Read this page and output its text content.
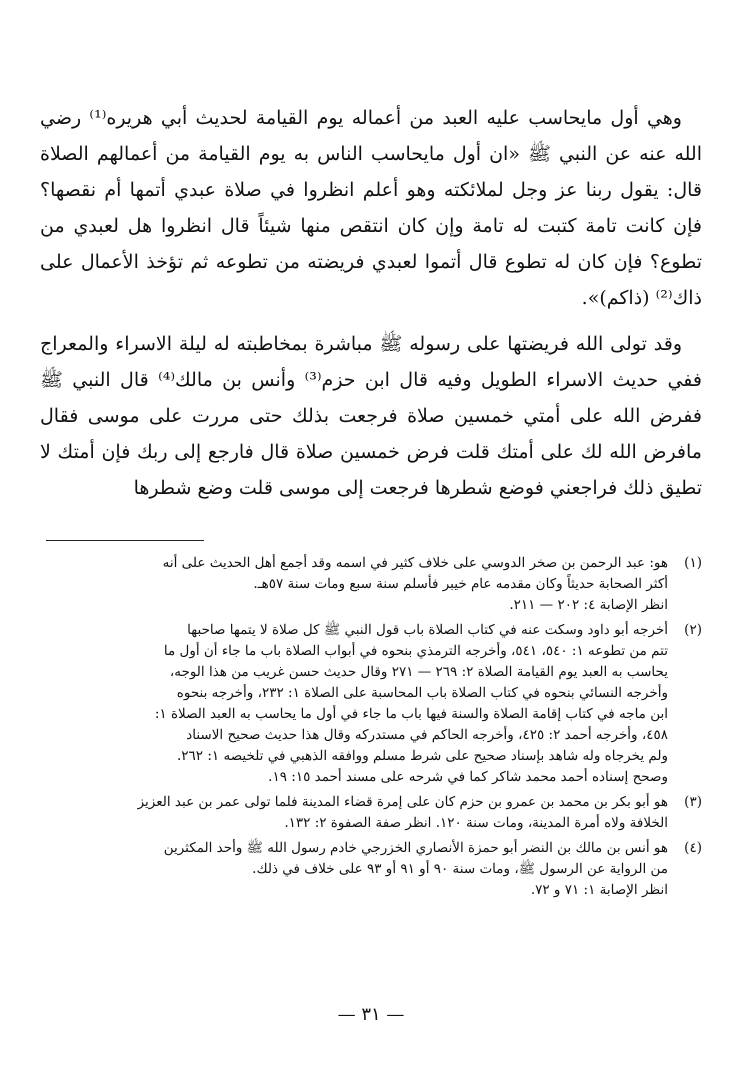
وهي أول مايحاسب عليه العبد من أعماله يوم القيامة لحديث أبي هريره⁽¹⁾ رضي الله عنه عن النبي ﷺ «ان أول مايحاسب الناس به يوم القيامة من أعمالهم الصلاة قال: يقول ربنا عز وجل لملائكته وهو أعلم انظروا في صلاة عبدي أتمها أم نقصها؟ فإن كانت تامة كتبت له تامة وإن كان انتقص منها شيئاً قال انظروا هل لعبدي من تطوع؟ فإن كان له تطوع قال أتموا لعبدي فريضته من تطوعه ثم تؤخذ الأعمال على ذاك⁽²⁾ (ذاكم)».

وقد تولى الله فريضتها على رسوله ﷺ مباشرة بمخاطبته له ليلة الاسراء والمعراج ففي حديث الاسراء الطويل وفيه قال ابن حزم⁽³⁾ وأنس بن مالك⁽⁴⁾ قال النبي ﷺ ففرض الله على أمتي خمسين صلاة فرجعت بذلك حتى مررت على موسى فقال مافرض الله لك على أمتك قلت فرض خمسين صلاة قال فارجع إلى ربك فإن أمتك لا تطيق ذلك فراجعني فوضع شطرها فرجعت إلى موسى قلت وضع شطرها

(١)
هو: عبد الرحمن بن صخر الدوسي على خلاف كثير في اسمه وقد أجمع أهل الحديث على أنه
أكثر الصحابة حديثاً وكان مقدمه عام خيبر فأسلم سنة سبع ومات سنة ٥٧هـ.
انظر الإصابة ٤: ٢٠٢ — ٢١١.
(٢)
أخرجه أبو داود وسكت عنه في كتاب الصلاة باب قول النبي ﷺ كل صلاة لا يتمها صاحبها
تتم من تطوعه ١: ٥٤٠، ٥٤١، وأخرجه الترمذي بنحوه في أبواب الصلاة باب ما جاء أن أول ما
يحاسب به العبد يوم القيامة الصلاة ٢: ٢٦٩ — ٢٧١ وقال حديث حسن غريب من هذا الوجه،
وأخرجه النسائي بنحوه في كتاب الصلاة باب المحاسبة على الصلاة ١: ٢٣٢، وأخرجه بنحوه
ابن ماجه في كتاب إقامة الصلاة والسنة فيها باب ما جاء في أول ما يحاسب به العبد الصلاة ١:
٤٥٨، وأخرجه أحمد ٢: ٤٢٥، وأخرجه الحاكم في مستدركه وقال هذا حديث صحيح الاسناد
ولم يخرجاه وله شاهد بإسناد صحيح على شرط مسلم ووافقه الذهبي في تلخيصه ١: ٢٦٢.
وصحح إسناده أحمد محمد شاكر كما في شرحه على مسند أحمد ١٥: ١٩.
(٣)
هو أبو بكر بن محمد بن عمرو بن حزم كان على إمرة قضاء المدينة فلما تولى عمر بن عبد العزيز
الخلافة ولاه أمرة المدينة، ومات سنة ١٢٠. انظر صفة الصفوة ٢: ١٣٢.
(٤)
هو أنس بن مالك بن النضر أبو حمزة الأنصاري الخزرجي خادم رسول الله ﷺ وأحد المكثرين
من الرواية عن الرسول ﷺ، ومات سنة ٩٠ أو ٩١ أو ٩٣ على خلاف في ذلك.
انظر الإصابة ١: ٧١ و ٧٢.
— ٣١ —
